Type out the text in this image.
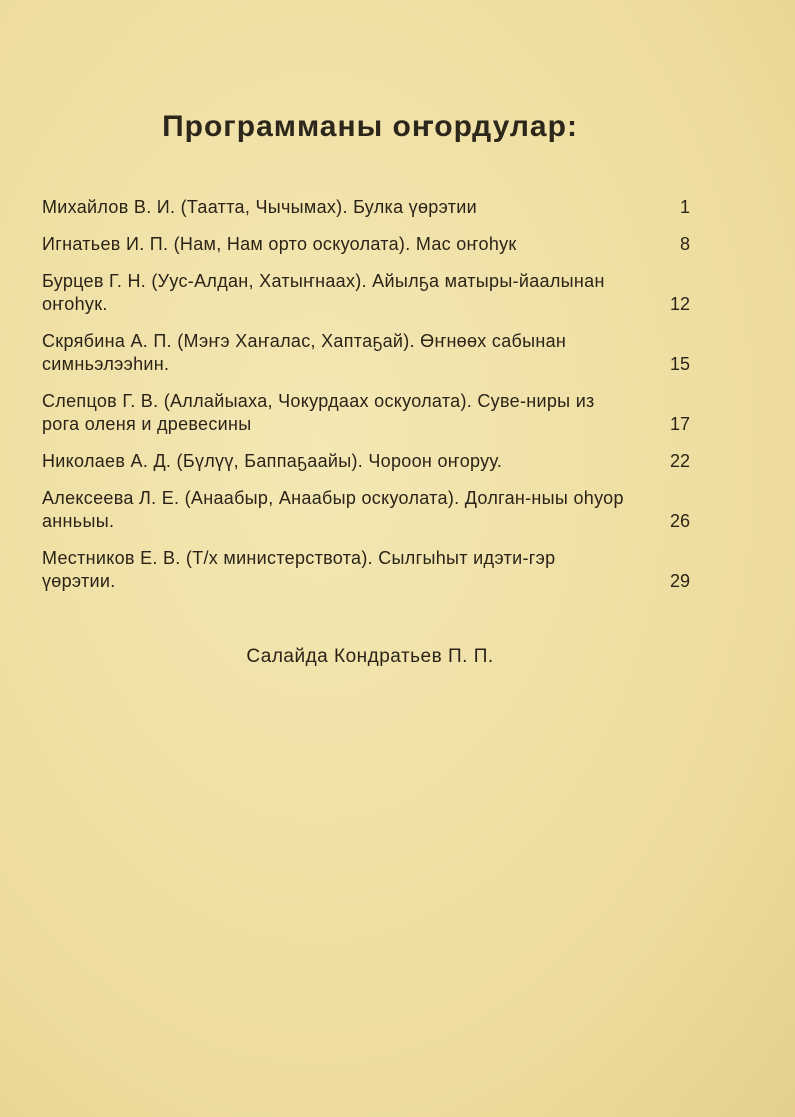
Программаны оҥордулар:
Михайлов В. И. (Таатта, Чычымах). Булка үөрэтии	1
Игнатьев И. П. (Нам, Нам орто оскуолата). Мас оҥоһук	8
Бурцев Г. Н. (Уус-Алдан, Хатыҥнаах). Айылҕа матыры-йаалынан оҥоһук.	12
Скрябина А. П. (Мэҥэ Хаҥалас, Хаптаҕай). Өҥнөөх сабынан симньэлээһин.	15
Слепцов Г. В. (Аллайыаха, Чокурдаах оскуолата). Суве-ниры из рога оленя и древесины	17
Николаев А. Д. (Бүлүү, Баппаҕаайы). Чороон оҥоруу.	22
Алексеева Л. Е. (Анаабыр, Анаабыр оскуолата). Долган-ныы оһуор анньыы.	26
Местников Е. В. (Т/х министерствота). Сылгыһыт идэти-гэр үөрэтии.	29
Салайда Кондратьев П. П.
